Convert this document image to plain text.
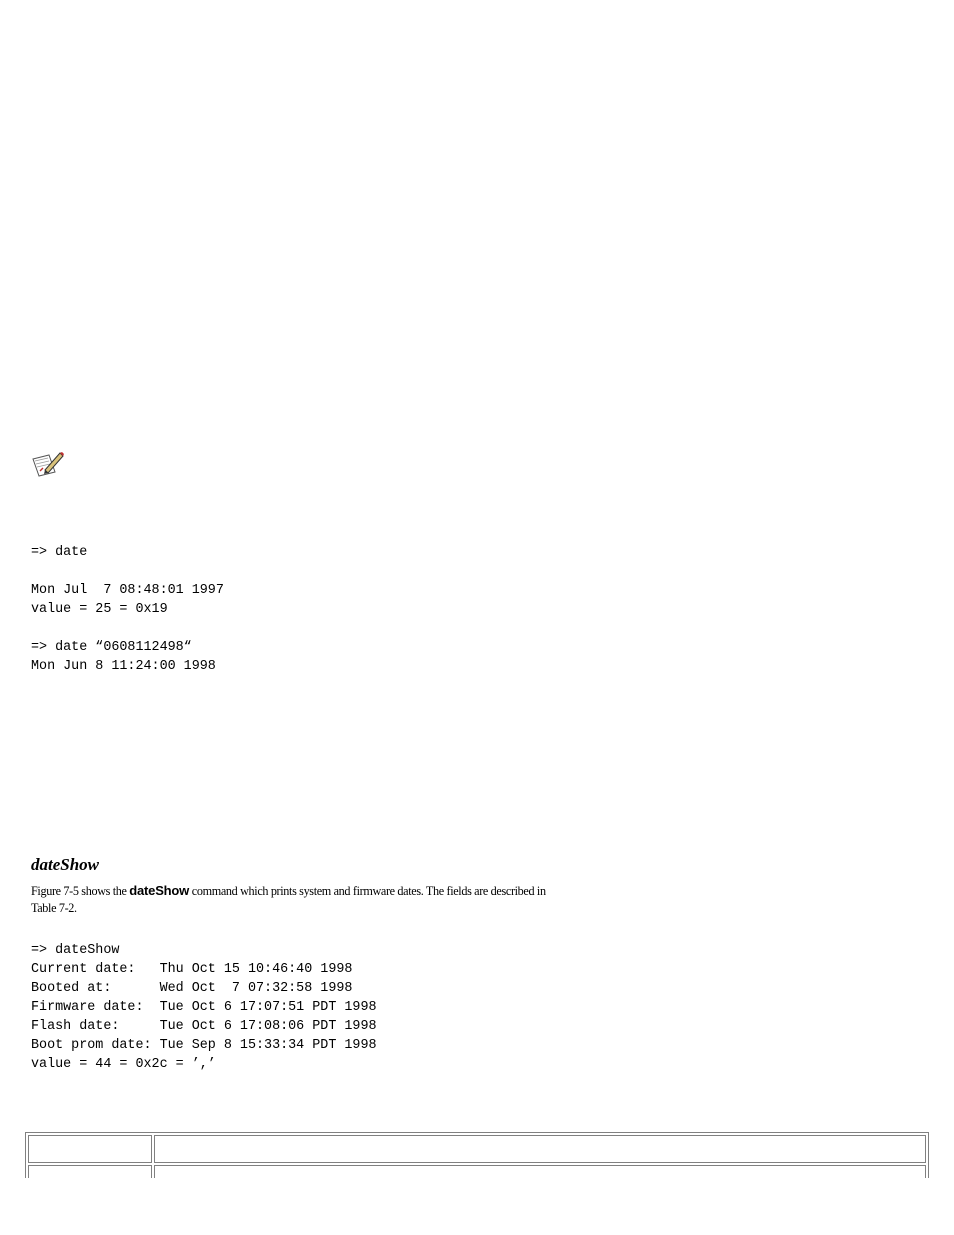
=> date
Mon Jul  7 08:48:01 1997
value = 25 = 0x19
=> date “0608112498“
Mon Jun 8 11:24:00 1998
dateShow
Figure 7-5 shows the dateShow command which prints system and firmware dates. The fields are described in Table 7-2.
=> dateShow
Current date:   Thu Oct 15 10:46:40 1998
Booted at:      Wed Oct  7 07:32:58 1998
Firmware date:  Tue Oct 6 17:07:51 PDT 1998
Flash date:     Tue Oct 6 17:08:06 PDT 1998
Boot prom date: Tue Sep 8 15:33:34 PDT 1998
value = 44 = 0x2c = ’,’
